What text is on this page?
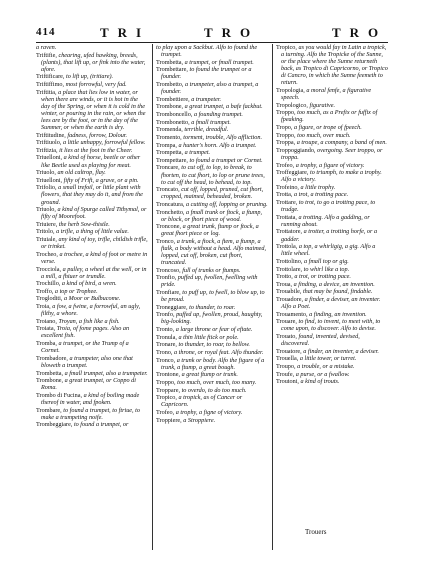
414	TRI	TRO	TRO

a raven.

Triftifie, chearing, ufed hawking, breeds, (plants), that lift up, or fink into the water, afore.

Triftificare, to lift up, (tritiare).

Triftiffimo, most forrowful, very fad.

Triftitia, a place that lies low in water, or when there are winds, or it is hot in the day of the Spring, or when it is cold in the winter, or pouring in the rain, or when the lees are by the foot, or in the day of the Summer, or when the earth is dry.

Triftitudine, fadness, forrow, Dolour.

Triftiuolo, a little unhappy, forrowful fellow.

Triftizia, it lies at the foot in the Cheer.

Triuelloni, a kind of horse, beetle or other like Beetle used as playing for meat.

Triuolo, an old caltrop, flay.

Triuelloni, fifty of Frift, a grave, or a pin.

Trifolio, a small trefoil, or little plant with flowers, that they may do it, and from the ground.

Triuolo, a kind of Spurge called Tithymal, or fifty of Moorefoot.

Triuiere, the herb Sow-thistle.

Tritolo, a trifle, a thing of little value.

Triuiale, any kind of toy, trifle, childish trifle, or trinket.

Trocheo, a trochee, a kind of foot or metre in verse.

Trocciola, a pulley, a wheel at the well, or in a mill, a fhiuer or trundle.

Trochillo, a kind of bird, a wren.

Troffo, a top or Trophee.

Trogloditi, a Moor or Bulbucome.

Troia, a fow, a fwine, a forrowful, an ugly, filthy, a whore.

Troiano, Troyan, a fish like a fish.

Troiata, Troia, of fome pages. Also an excellent fish.

Tromba, a trumpet, or the Trump of a Cornet.

Trombadore, a trumpeter, also one that bloweth a trumpet.

Trombetta, a fmall trumpet, also a trumpeter.

Trombone, a great trumpet, or Coppo di Roma.

Trombo di Fucina, a kind of boiling made thereof in water, and fpoken.

Trombare, to found a trumpet, to ftriue, to make a trumpeting noife.

Trombeggiare, to found a trumpet, or

to play upon a Sackbut. Alfo to found the trumpet.

Trombetta, a trumpet, or fmall trumpet.

Trombettare, to found the trumpet or a founder.

Trombetto, a trumpeter, also a trumpet, a founder.

Trombettiere, a trumpeter.

Trombone, a great trumpet, a bafe fackbut.

Tromboncello, a founding trumpet.

Trombonetto, a fmall trumpet.

Tromenda, terrible, dreadful.

Tromento, torment, trouble, Alfo affliction.

Trompa, a hunter's horn. Alfo a trumpet.

Trompetta, a trumpet.

Trompettare, to found a trumpet or Cornet.

Troncare, to cut off, to lop, to break, to fhorten, to cut fhort, to lop or prune trees, to cut off the head, to behead, to top.

Troncato, cut off, lopped, pruned, cut fhort, cropped, maimed, beheaded, broken.

Troncatura, a cutting off, lopping or pruning.

Tronchetto, a fmall trunk or ftock, a ftump, or block, or fhort piece of wood.

Troncone, a great trunk, ftump or ftock, a great fhort piece or log.

Tronco, a trunk, a ftock, a ftem, a ftump, a ftalk, a body without a head. Alfo maimed, lopped, cut off, broken, cut fhort, truncated.

Troncoso, full of trunks or ftumps.

Tronfio, puffed up, fwollen, fwelling with pride.

Tronfiare, to puff up, to fwell, to blow up, to be proud.

Troneggiare, to thunder, to roar.

Tronfo, puffed up, fwollen, proud, haughty, big-looking.

Tronto, a large throne or fear of eftate.

Tronula, a thin little ftick or pole.

Tronare, to thunder, to roar, to bellow.

Trono, a throne, or royal feat. Alfo thunder.

Tronco, a trunk or body. Alfo the figure of a trunk, a ftump, a great bough.

Trontone, a great ftump or trunk.

Troppo, too much, over much, too many.

Troppare, to overdo, to do too much.

Tropico, a tropick, as of Cancer or Capricorn.

Trofeo, a trophy, a figne of victory.

Troppiere, a Stroppiere.

Tropico, as you would fay in Latin a tropick, a turning. Alfo the Tropicke of the Sunne, or the place where the Sunne returneth back, as Tropico di Capricorno, or Tropico di Cancro, in which the Sunne feemeth to return.

Tropologia, a moral fenfe, a figurative speech.

Tropologico, figurative.

Troppo, too much, as a Prefix or fuffix of fpeaking.

Tropo, a figure, or trope of fpeech.

Troppo, too much, over much.

Troppa, a troupe, a company, a band of men.

Troppoggiando, overgoing. Seer troppo, or troppa.

Trofeo, a trophy, a figure of victory.

Troffeggiare, to triumph, to make a trophy. Alfo a victory.

Trofeino, a little trophy.

Trotta, a trot, a trotting pace.

Trottare, to trot, to go a trotting pace, to trudge.

Trottata, a trotting. Alfo a gadding, or running about.

Trottatore, a trotter, a trotting horfe, or a gadder.

Trottola, a top, a whirligig, a gig. Alfo a little wheel.

Trottolino, a fmall top or gig.

Trottolare, to whirl like a top.

Trotto, a trot, or trotting pace.

Troua, a finding, a device, an invention.

Trouabile, that may be found, findable.

Trouadore, a finder, a deviser, an inventer. Alfo a Poet.

Trouamento, a finding, an invention.

Trouare, to find, to invent, to meet with, to come upon, to discover. Alfo to devise.

Trouato, found, invented, devised, discovered.

Trouatore, a finder, an inventer, a deviser.

Trouella, a little tower, or turret.

Troupo, a trouble, or a mistake.

Troufe, a purse, or a fwallow.

Troutoni, a kind of trouts.

Trouers
